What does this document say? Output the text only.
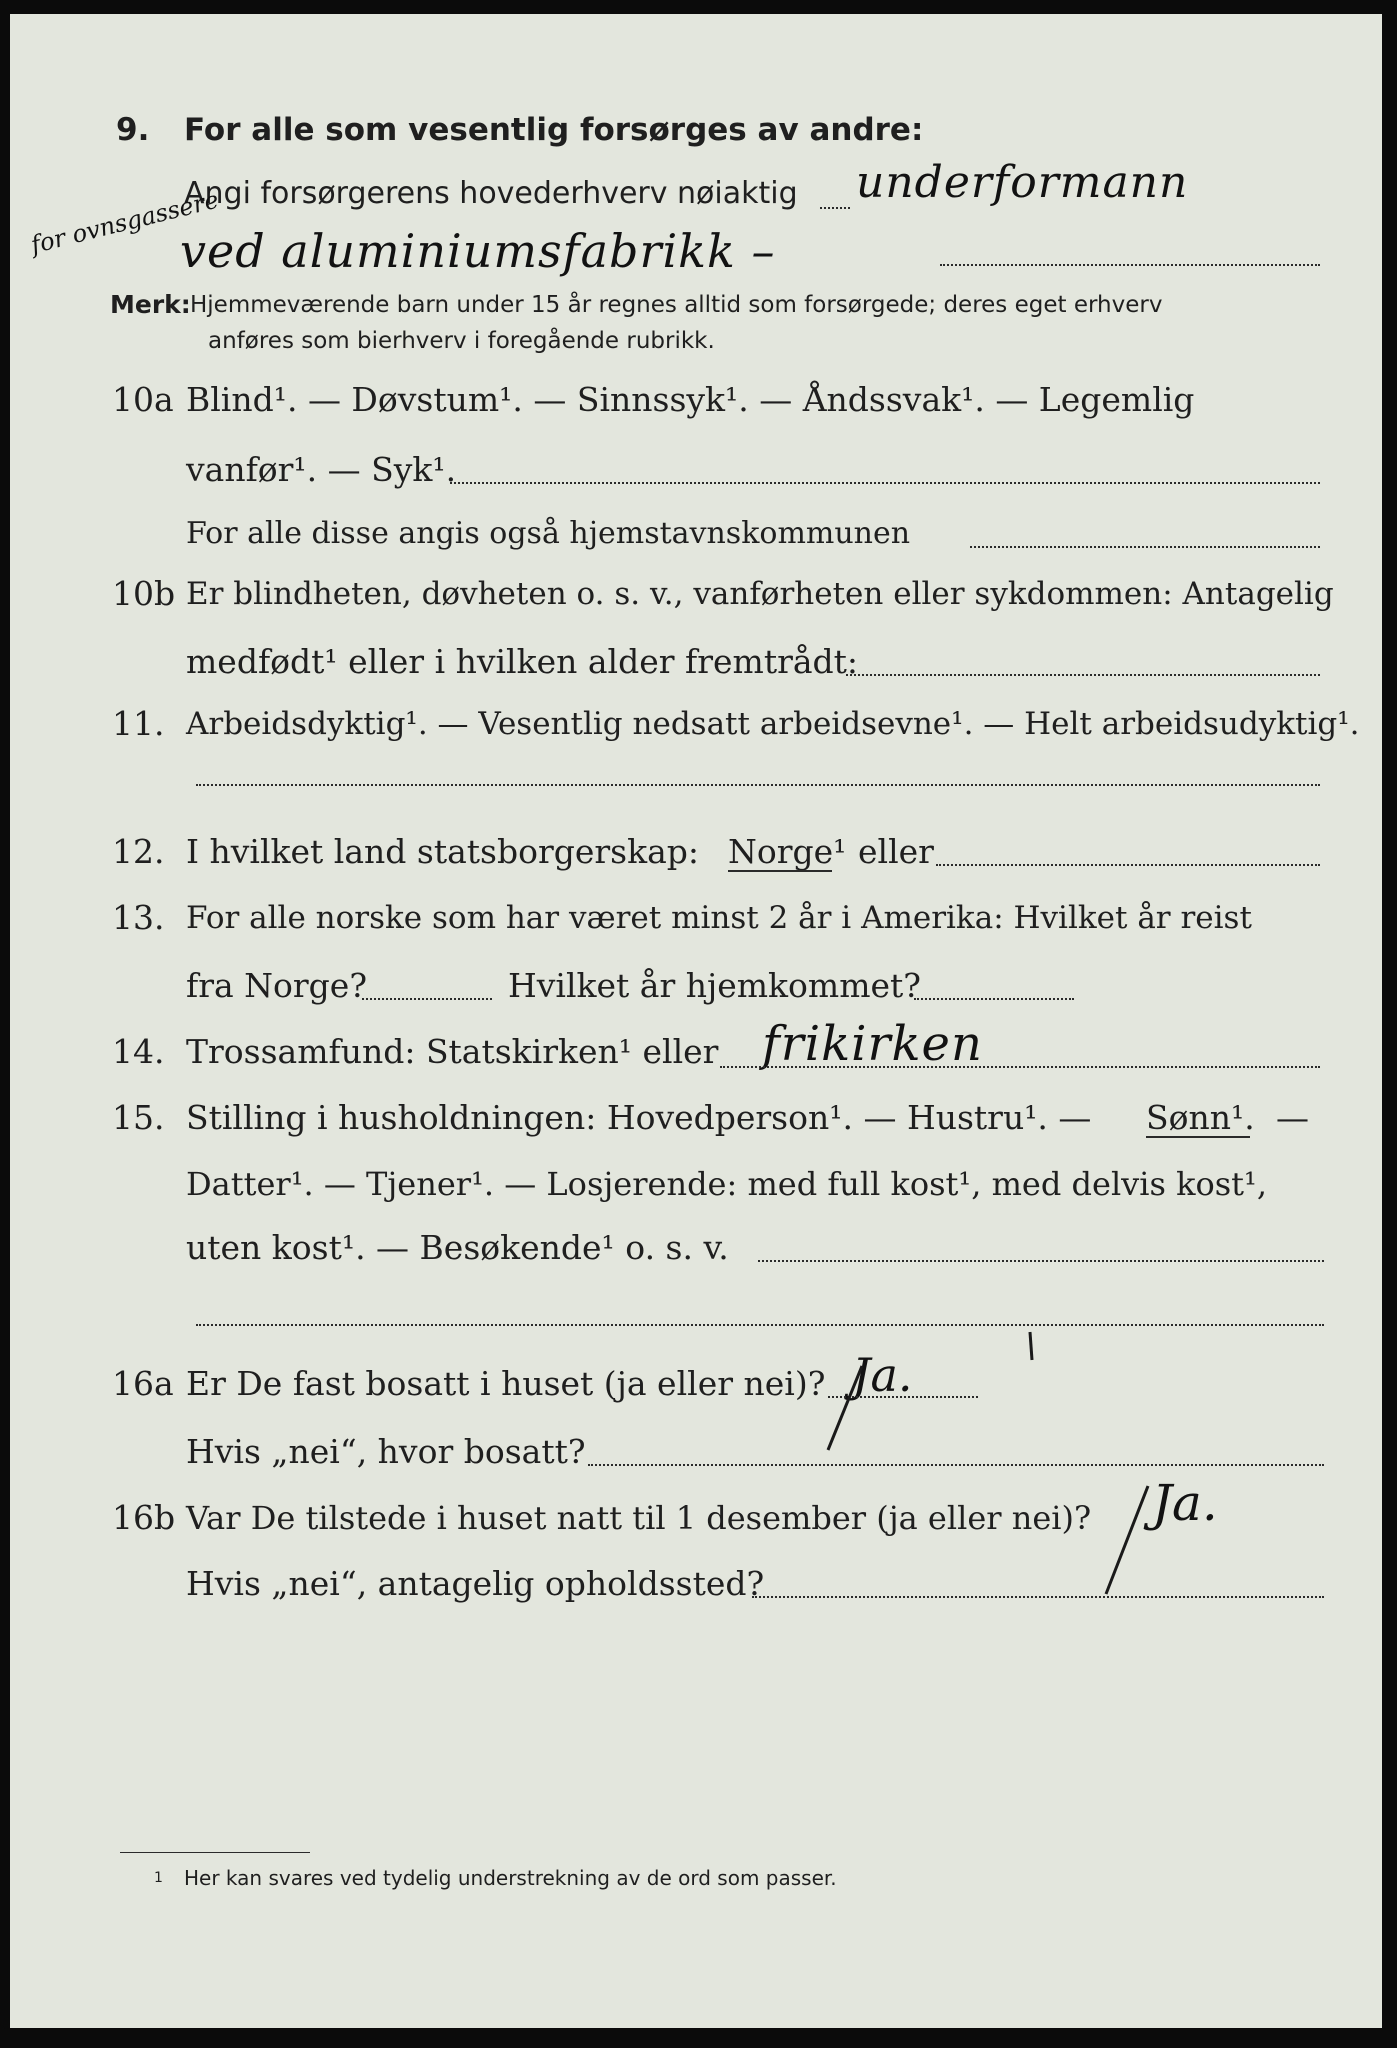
9. For alle som vesentlig forsørges av andre:
Angi forsørgerens hovederhverv nøiaktig underformann
for ovnsgassere
ved aluminiumsfabrikk –
Merk: Hjemmeværende barn under 15 år regnes alltid som forsørgede; deres eget erhverv
anføres som bierhverv i foregående rubrikk.
10a Blind¹. — Døvstum¹. — Sinnssyk¹. — Åndssvak¹. — Legemlig
vanfør¹. — Syk¹.
For alle disse angis også hjemstavnskommunen
10b Er blindheten, døvheten o. s. v., vanførheten eller sykdommen: Antagelig
medfødt¹ eller i hvilken alder fremtrådt:
11. Arbeidsdyktig¹. — Vesentlig nedsatt arbeidsevne¹. — Helt arbeidsudyktig¹.
12. I hvilket land statsborgerskap: Norge¹ eller
13. For alle norske som har været minst 2 år i Amerika: Hvilket år reist
fra Norge?	Hvilket år hjemkommet?
14. Trossamfund: Statskirken¹ eller frikirken
15. Stilling i husholdningen: Hovedperson¹. — Hustru¹. — Sønn¹. —
Datter¹. — Tjener¹. — Losjerende: med full kost¹, med delvis kost¹,
uten kost¹. — Besøkende¹ o. s. v.
16a Er De fast bosatt i huset (ja eller nei)? Ja.
Hvis „nei“, hvor bosatt?
16b Var De tilstede i huset natt til 1 desember (ja eller nei)? Ja.
Hvis „nei“, antagelig opholdssted?
1 Her kan svares ved tydelig understrekning av de ord som passer.
